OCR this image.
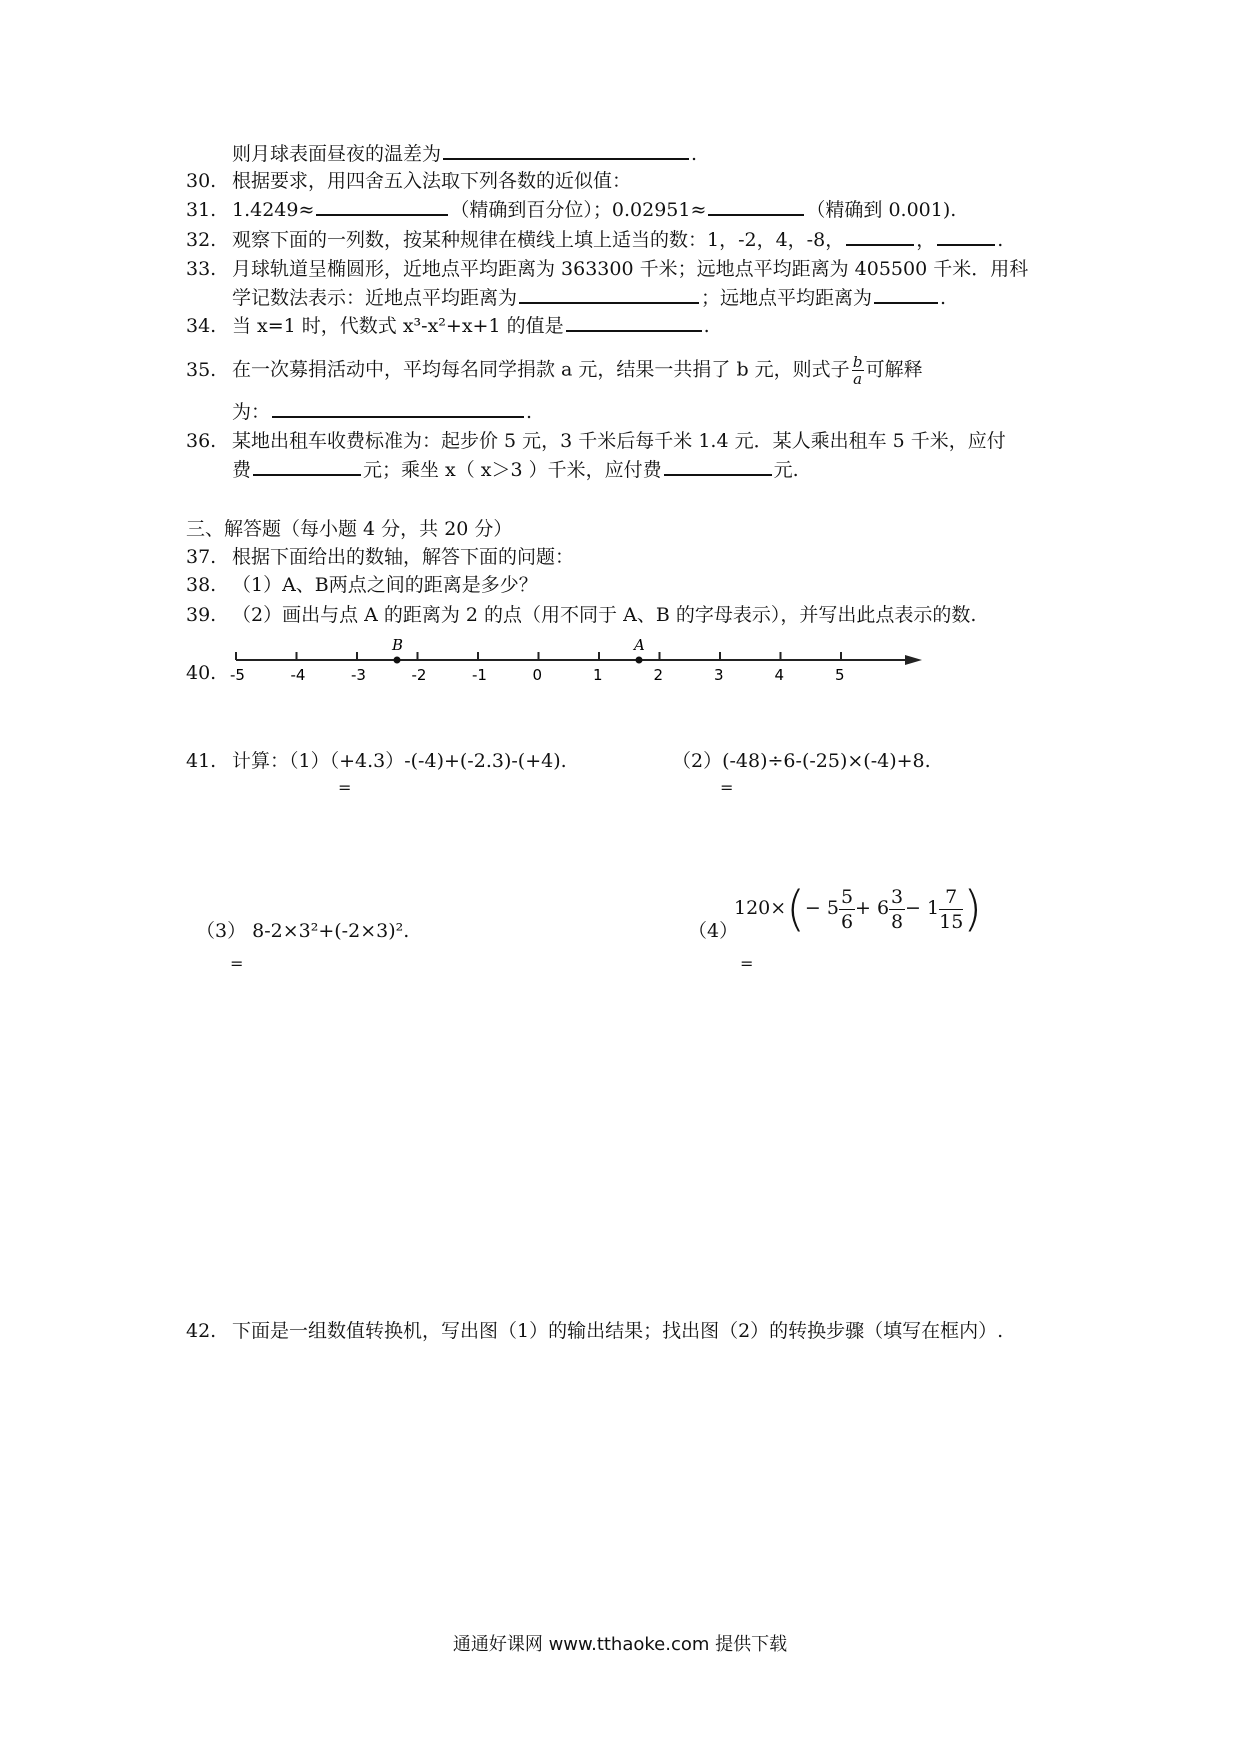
则月球表面昼夜的温差为	.
30. 根据要求，用四舍五入法取下列各数的近似值：
31. 1.4249≈	（精确到百分位）；0.02951≈	（精确到 0.001).
32. 观察下面的一列数，按某种规律在横线上填上适当的数：1，-2，4，-8，	，	.
33. 月球轨道呈椭圆形，近地点平均距离为 363300 千米；远地点平均距离为 405500 千米．用科
学记数法表示：近地点平均距离为	；远地点平均距离为	.
34. 当 x=1 时，代数式 x³-x²+x+1 的值是	.
35. 在一次募捐活动中，平均每名同学捐款 a 元，结果一共捐了 b 元，则式子 $\frac{b}{a}$ 可解释
为：	.
36. 某地出租车收费标准为：起步价 5 元，3 千米后每千米 1.4 元．某人乘出租车 5 千米，应付
费	元；乘坐 x（ x＞3 ）千米，应付费	元.
三、解答题（每小题 4 分，共 20 分）
37. 根据下面给出的数轴，解答下面的问题：
38. （1）A、B两点之间的距离是多少？
39. （2）画出与点 A 的距离为 2 的点（用不同于 A、B 的字母表示），并写出此点表示的数.
40. -5	-4	-3	-2	-1	0	1	2	3	4	5
B	A
41. 计算：（1）（+4.3）-(-4)+(-2.3)-(+4).	（2）(-48)÷6-(-25)×(-4)+8.
=	=
（3） 8-2×3²+(-2×3)².	（4）
$120\times(- 5 \frac{5}{6} + 6 \frac{3}{8} - 1 \frac{7}{15}$ )
=	=
42. 下面是一组数值转换机，写出图（1）的输出结果；找出图（2）的转换步骤（填写在框内）.
通通好课网 www.tthaoke.com 提供下载
